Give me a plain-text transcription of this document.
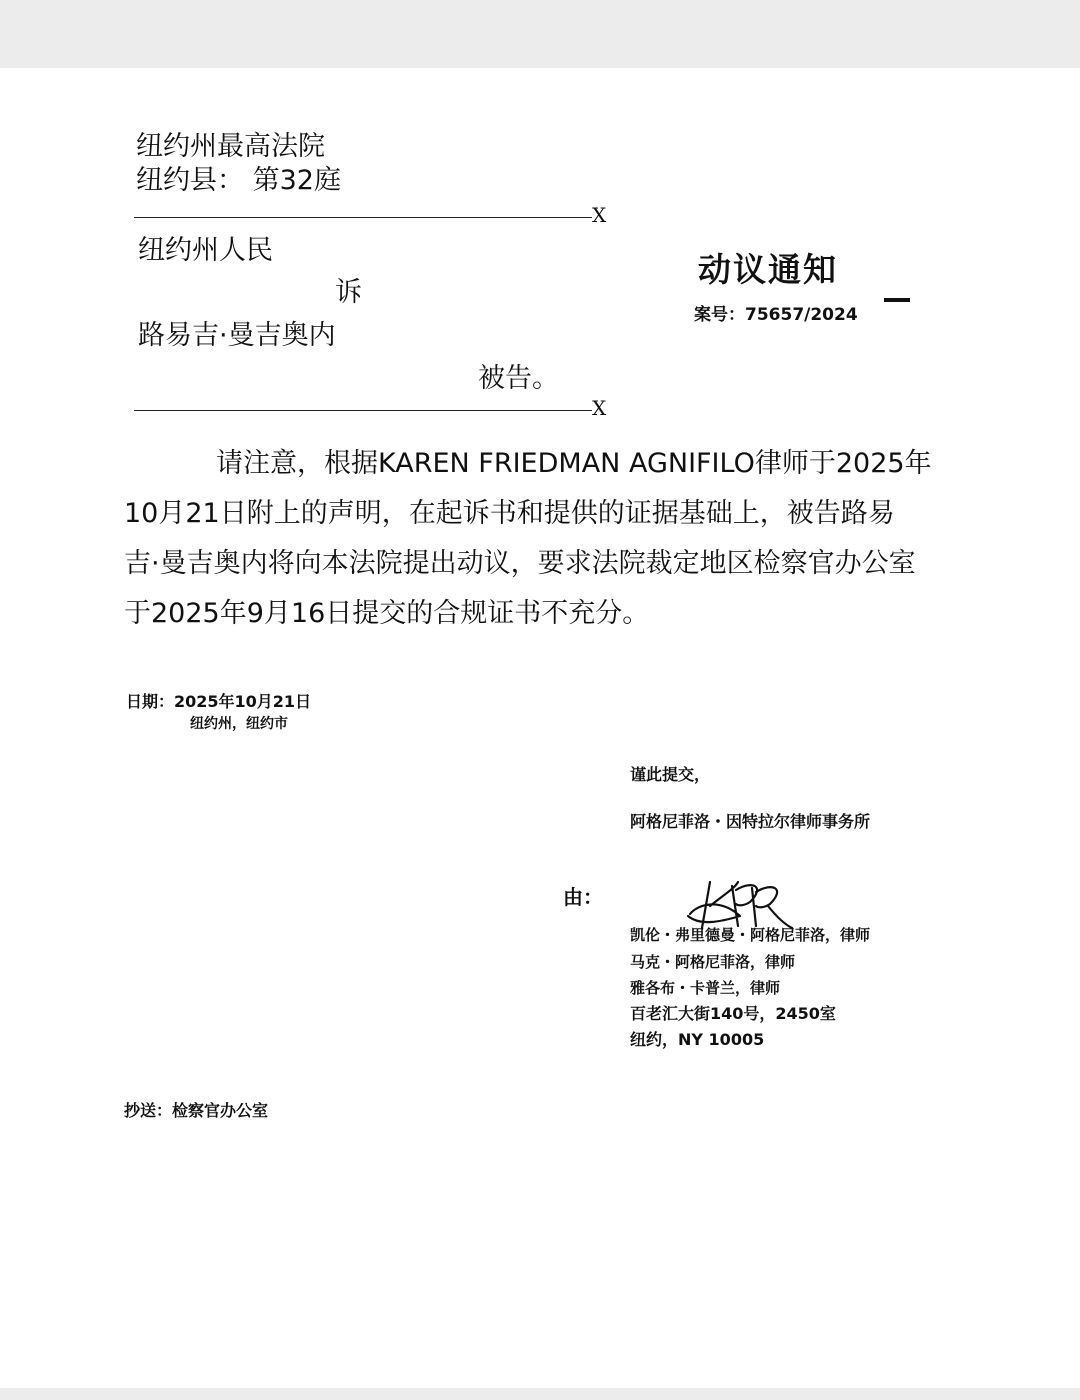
纽约州最高法院
纽约县： 第32庭
X
纽约州人民
诉
路易吉·曼吉奥内
被告。
X
动议通知
案号：75657/2024
请注意，根据KAREN FRIEDMAN AGNIFILO律师于2025年
10月21日附上的声明，在起诉书和提供的证据基础上，被告路易
吉·曼吉奥内将向本法院提出动议，要求法院裁定地区检察官办公室
于2025年9月16日提交的合规证书不充分。
日期：2025年10月21日
纽约州，纽约市
谨此提交，
阿格尼菲洛・因特拉尔律师事务所
由：
凯伦・弗里德曼・阿格尼菲洛，律师
马克・阿格尼菲洛，律师
雅各布・卡普兰，律师
百老汇大街140号，2450室
纽约，NY 10005
抄送：检察官办公室
